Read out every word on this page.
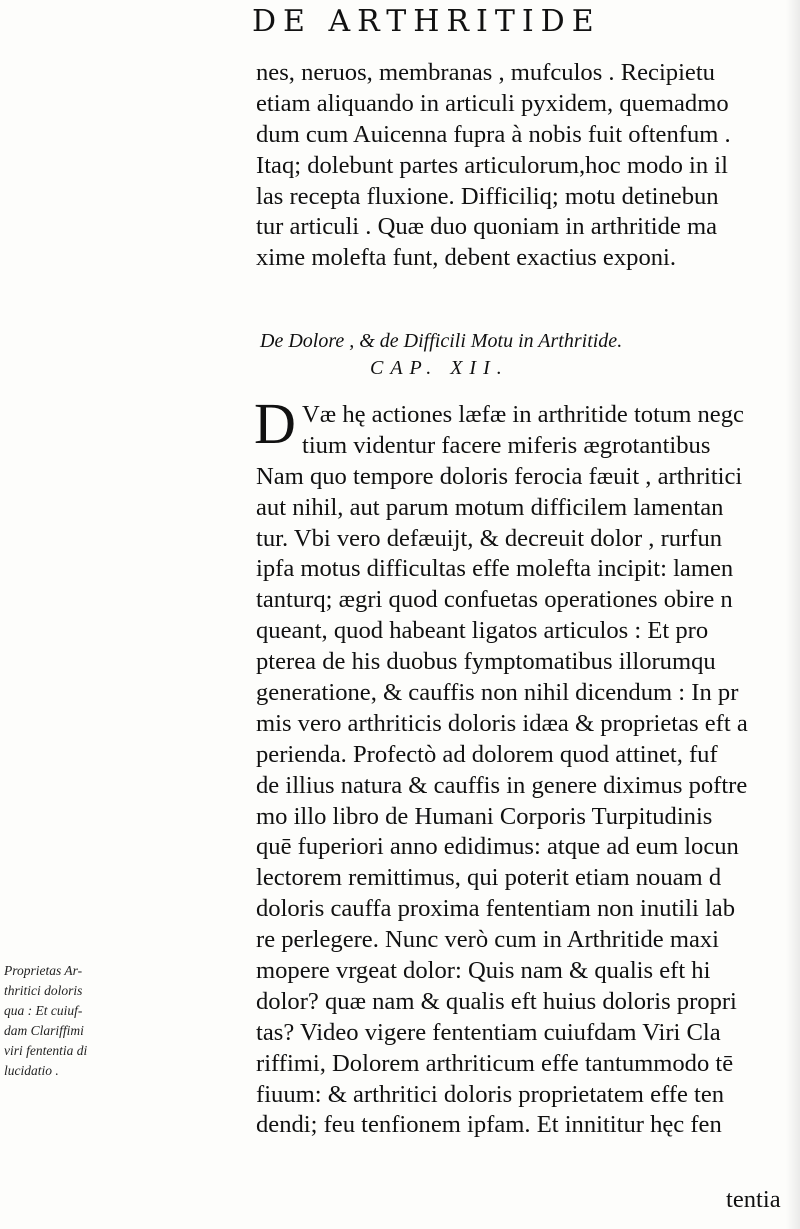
DE ARTHRITIDE
nes, neruos, membranas , mufculos . Recipietu
etiam aliquando in articuli pyxidem, quemadmo
dum cum Auicenna fupra à nobis fuit oftenfum .
Itaq; dolebunt partes articulorum,hoc modo in il
las recepta fluxione. Difficiliq; motu detinebun
tur articuli . Quæ duo quoniam in arthritide ma
xime molefta funt, debent exactius exponi.
De Dolore , & de Difficili Motu in Arthritide.
CAP. XII.
D Væ hę actiones læfæ in arthritide totum negc
tium videntur facere miferis ægrotantibus
Nam quo tempore doloris ferocia fæuit , arthritici
aut nihil, aut parum motum difficilem lamentan
tur. Vbi vero defæuijt, & decreuit dolor , rurfun
ipfa motus difficultas effe molefta incipit: lamen
tanturq; ægri quod confuetas operationes obire n
queant, quod habeant ligatos articulos : Et pro
pterea de his duobus fymptomatibus illorumqu
generatione, & cauffis non nihil dicendum : In pr
mis vero arthriticis doloris idæa & proprietas eft a
perienda. Profectò ad dolorem quod attinet, fuf
de illius natura & cauffis in genere diximus poftre
mo illo libro de Humani Corporis Turpitudinis
quē fuperiori anno edidimus: atque ad eum locun
lectorem remittimus, qui poterit etiam nouam d
doloris cauffa proxima fententiam non inutili lab
re perlegere. Nunc verò cum in Arthritide maxi
mopere vrgeat dolor: Quis nam & qualis eft hi
dolor? quæ nam & qualis eft huius doloris propri
tas? Video vigere fententiam cuiufdam Viri Cla
riffimi, Dolorem arthriticum effe tantummodo tē
fiuum: & arthritici doloris proprietatem effe ten
dendi; feu tenfionem ipfam. Et innititur hęc fen
tentia
Proprietas Ar-
thritici doloris
qua : Et cuiuf-
dam Clariffimi
viri fententia di
lucidatio .
